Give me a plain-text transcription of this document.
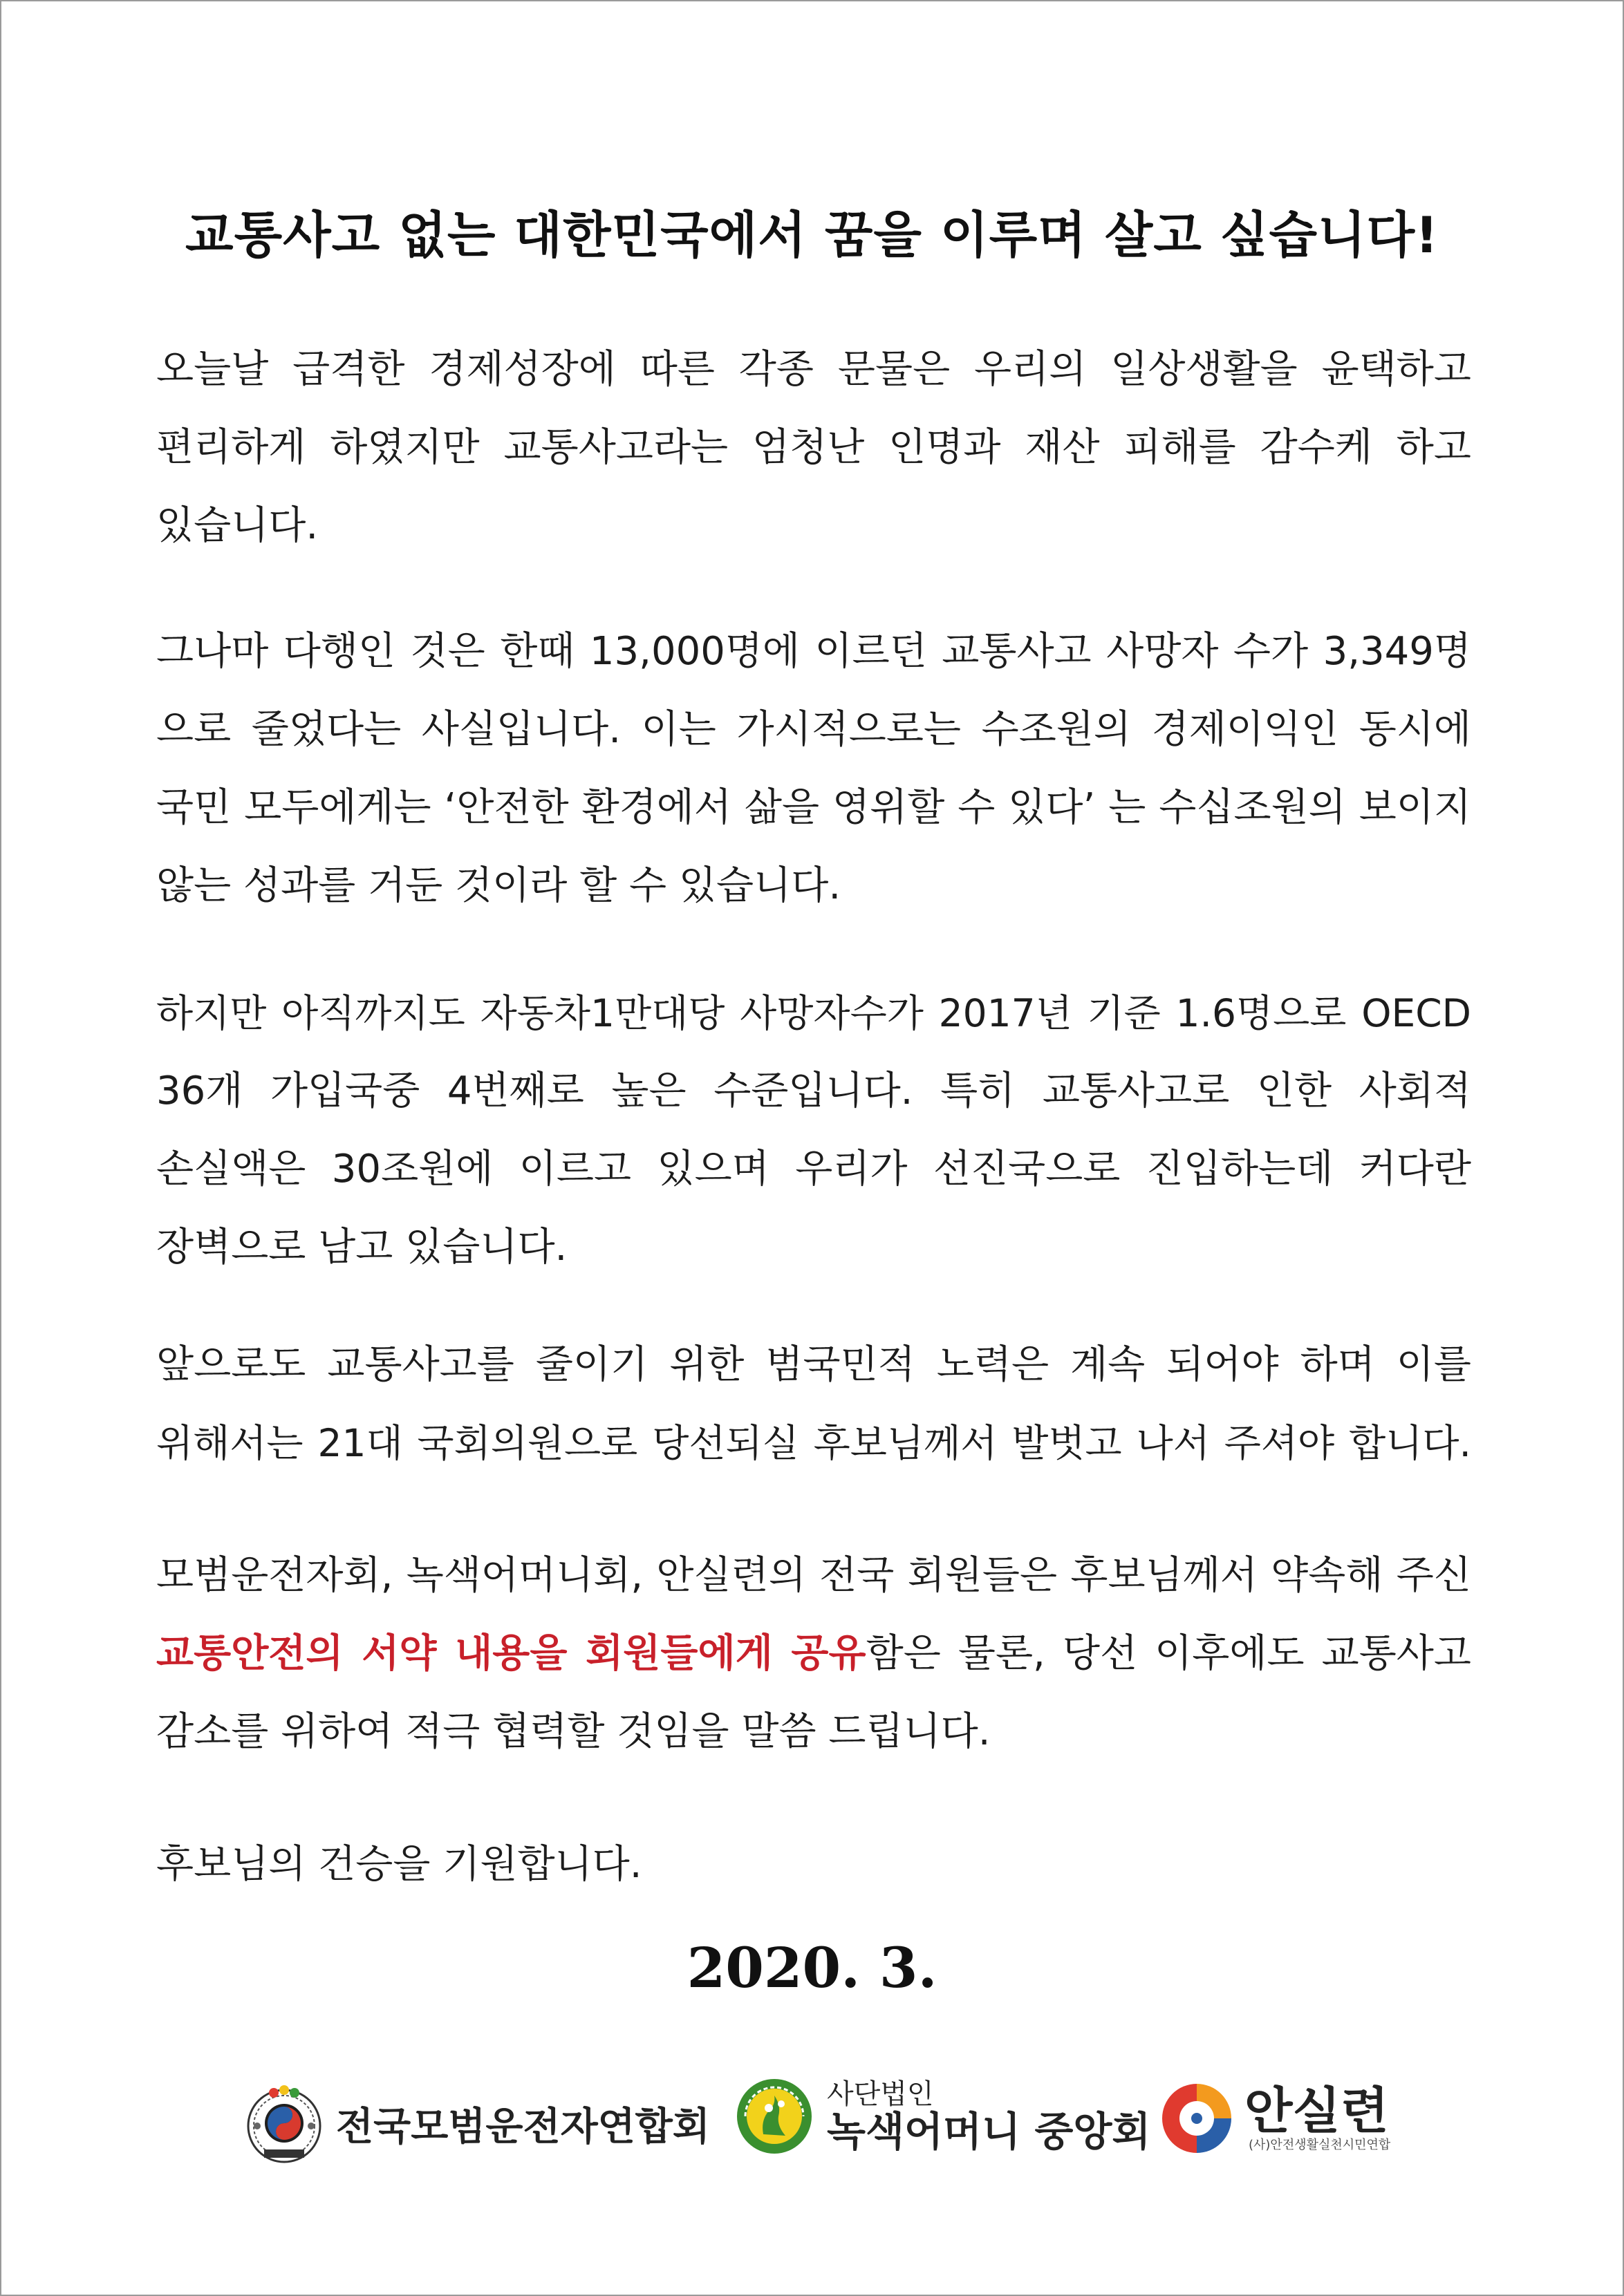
교통사고 없는 대한민국에서 꿈을 이루며 살고 싶습니다!
오늘날 급격한 경제성장에 따른 각종 문물은 우리의 일상생활을 윤택하고
편리하게 하였지만 교통사고라는 엄청난 인명과 재산 피해를 감수케 하고
있습니다.
그나마 다행인 것은 한때 13,000명에 이르던 교통사고 사망자 수가 3,349명
으로 줄었다는 사실입니다. 이는 가시적으로는 수조원의 경제이익인 동시에
국민 모두에게는 ‘안전한 환경에서 삶을 영위할 수 있다’ 는 수십조원의 보이지
않는 성과를 거둔 것이라 할 수 있습니다.
하지만 아직까지도 자동차1만대당 사망자수가 2017년 기준 1.6명으로 OECD
36개 가입국중 4번째로 높은 수준입니다. 특히 교통사고로 인한 사회적
손실액은 30조원에 이르고 있으며 우리가 선진국으로 진입하는데 커다란
장벽으로 남고 있습니다.
앞으로도 교통사고를 줄이기 위한 범국민적 노력은 계속 되어야 하며 이를
위해서는 21대 국회의원으로 당선되실 후보님께서 발벗고 나서 주셔야 합니다.
모범운전자회, 녹색어머니회, 안실련의 전국 회원들은 후보님께서 약속해 주신
교통안전의 서약 내용을 회원들에게 공유함은 물론, 당선 이후에도 교통사고
감소를 위하여 적극 협력할 것임을 말씀 드립니다.
후보님의 건승을 기원합니다.
2020. 3.
전국모범운전자연합회
사단법인
녹색어머니 중앙회 안실련
(사)안전생활실천시민연합
